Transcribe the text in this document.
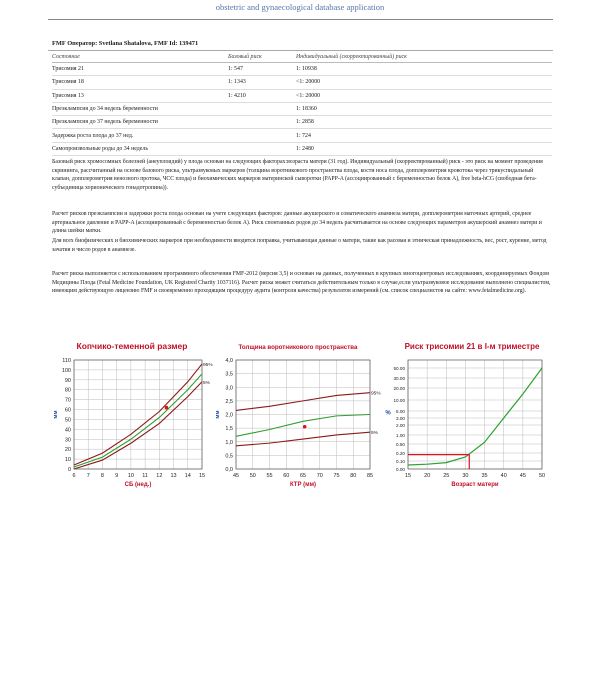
obstetric and gynaecological database application
FMF Оператор: Svetlana Shatalova, FMF Id: 139471
Состояние	Базовый риск	Индивидуальный (скорректированный) риск
Трисомия 21	1: 547	1: 10938
Трисомия 18	1: 1343	<1: 20000
Трисомия 13	1: 4210	<1: 20000
Преэклампсия до 34 недель беременности		1: 18360
Преэклампсия до 37 недель беременности		1: 2858
Задержка роста плода до 37 нед.		1: 724
Самопроизвольные роды до 34 недель		1: 2480
Базовый риск хромосомных болезней (анеуплоидий) у плода основан на следующих факторах:возраста матери (31 год). Индивидуальный (скорректированный) риск - это риск на момент проведения скрининга, рассчитанный на основе базового риска, ультразвуковых маркеров (толщина воротникового пространства плода, кости носа плода, допплерометрия кровотока через трикуспидальный клапан, допплерометрия венозного протока, ЧСС плода) и биохимических маркеров материнской сыворотки (PAPP-A (ассоциированный с беременностью белок А), free beta-hCG (свободная бета-субъединица хорионического гонадотропина)).
Расчет рисков преэклампсии и задержки роста плода основан на учете следующих факторов: данные акушерского и соматического анамнеза матери, допплерометрия маточных артерий, среднее артериальное давление и PAPP-A (ассоциированный с беременностью белок А). Риск спонтанных родов до 34 недель расчитывается на основе следующих параметров акушерский анамнез матери и длина шейки матки.
Для всех биофизических и биохимических маркеров при необходимости вводится поправка, учитывающая данные о матери, такие как расовая и этническая принадлежность, вес, рост, курение, метод зачатия и число родов в анамнезе.
Расчет риска выполняется с использованием программного обеспечения FMF-2012 (версия 3,5) и основан на данных, полученных в крупных многоцентровых исследованиях, координируемых Фондом Медицины Плода (Fetal Medicine Foundation, UK Registred Charity 1037116). Расчет риска может считаться действительным только в случае,если ультразвуковое исследование выполнено специалистом, имеющим действующую лицензию FMF и своевременно проходящим процедуру аудита (контроля качества) результатов измерений (см. список специалистов на сайте: www.fetalmedicine.org).
Копчико-теменной размер
0
10
20
30
40
50
60
70
80
90
100
110
6 7 8 9 10 11 12 13 14 15
СБ (нед.)
мм
95%
5%
Толщина воротникового пространства
0,0
0,5
1,0
1,5
2,0
2,5
3,0
3,5
4,0
45 50 55 60 65 70 75 80 85
КТР (мм)
мм
95%
5%
Риск трисомии 21 в I-м триместре
0.00
0.10
0.20
0.50
1.00
2.00
3.00
5.00
10.00
20.00
30.00
50.00
15 20 25 30 35 40 45 50
Возраст матери
%
